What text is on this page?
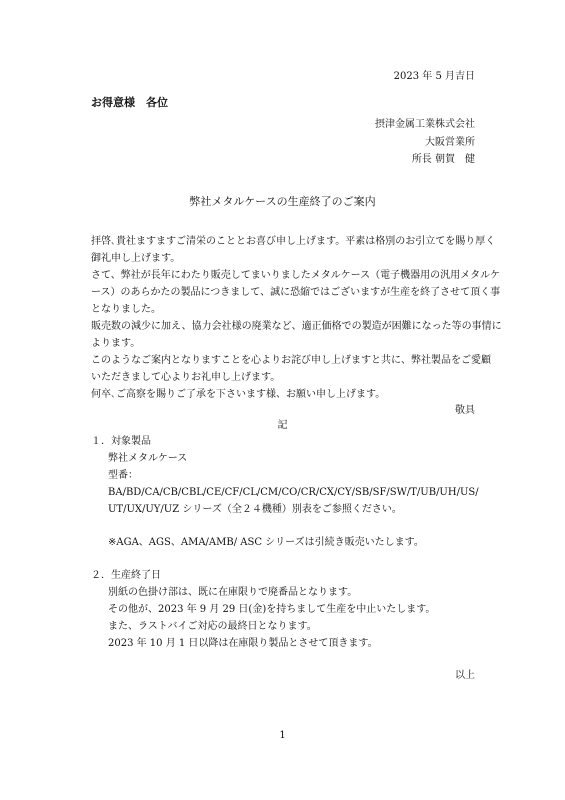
2023 年 5 月吉日
お得意様　各位
摂津金属工業株式会社
大阪営業所
所長 朝賀　健
弊社メタルケースの生産終了のご案内
拝啓､貴社ますますご清栄のこととお喜び申し上げます。平素は格別のお引立てを賜り厚く
御礼申し上げます。
さて、弊社が長年にわたり販売してまいりましたメタルケース（電子機器用の汎用メタルケ
ース）のあらかたの製品につきまして、誠に恐縮ではございますが生産を終了させて頂く事
となりました。
販売数の減少に加え、協力会社様の廃業など、適正価格での製造が困難になった等の事情に
よります。
このようなご案内となりますことを心よりお詫び申し上げますと共に、弊社製品をご愛顧
いただきまして心よりお礼申し上げます。
何卒､ご高察を賜りご了承を下さいます様、お願い申し上げます。
敬具
記
１．対象製品
弊社メタルケース
型番：
BA/BD/CA/CB/CBL/CE/CF/CL/CM/CO/CR/CX/CY/SB/SF/SW/T/UB/UH/US/
UT/UX/UY/UZ シリーズ（全２４機種）別表をご参照ください。
※AGA、AGS、AMA/AMB/ ASC シリーズは引続き販売いたします。
２．生産終了日
別紙の色掛け部は、既に在庫限りで廃番品となります。
その他が、2023 年 9 月 29 日(金)を持ちまして生産を中止いたします。
また、ラストバイご対応の最終日となります。
2023 年 10 月 1 日以降は在庫限り製品とさせて頂きます。
以上
1
